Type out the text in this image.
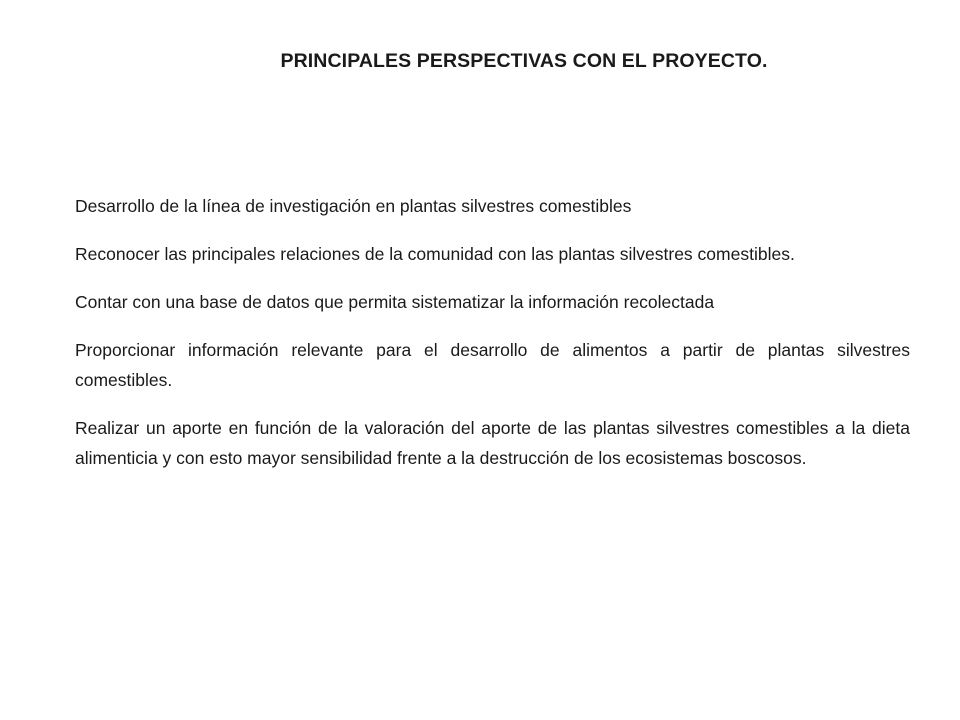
PRINCIPALES PERSPECTIVAS CON EL PROYECTO.

Desarrollo de la línea de investigación en plantas silvestres comestibles

Reconocer las principales relaciones de la comunidad con las plantas silvestres comestibles.

Contar con una base de datos que permita sistematizar la información recolectada

Proporcionar información relevante para el desarrollo de alimentos a partir de plantas silvestres comestibles.

Realizar un aporte en función de la valoración del aporte de las plantas silvestres comestibles a la dieta alimenticia y con esto mayor sensibilidad frente a la destrucción de los ecosistemas boscosos.
